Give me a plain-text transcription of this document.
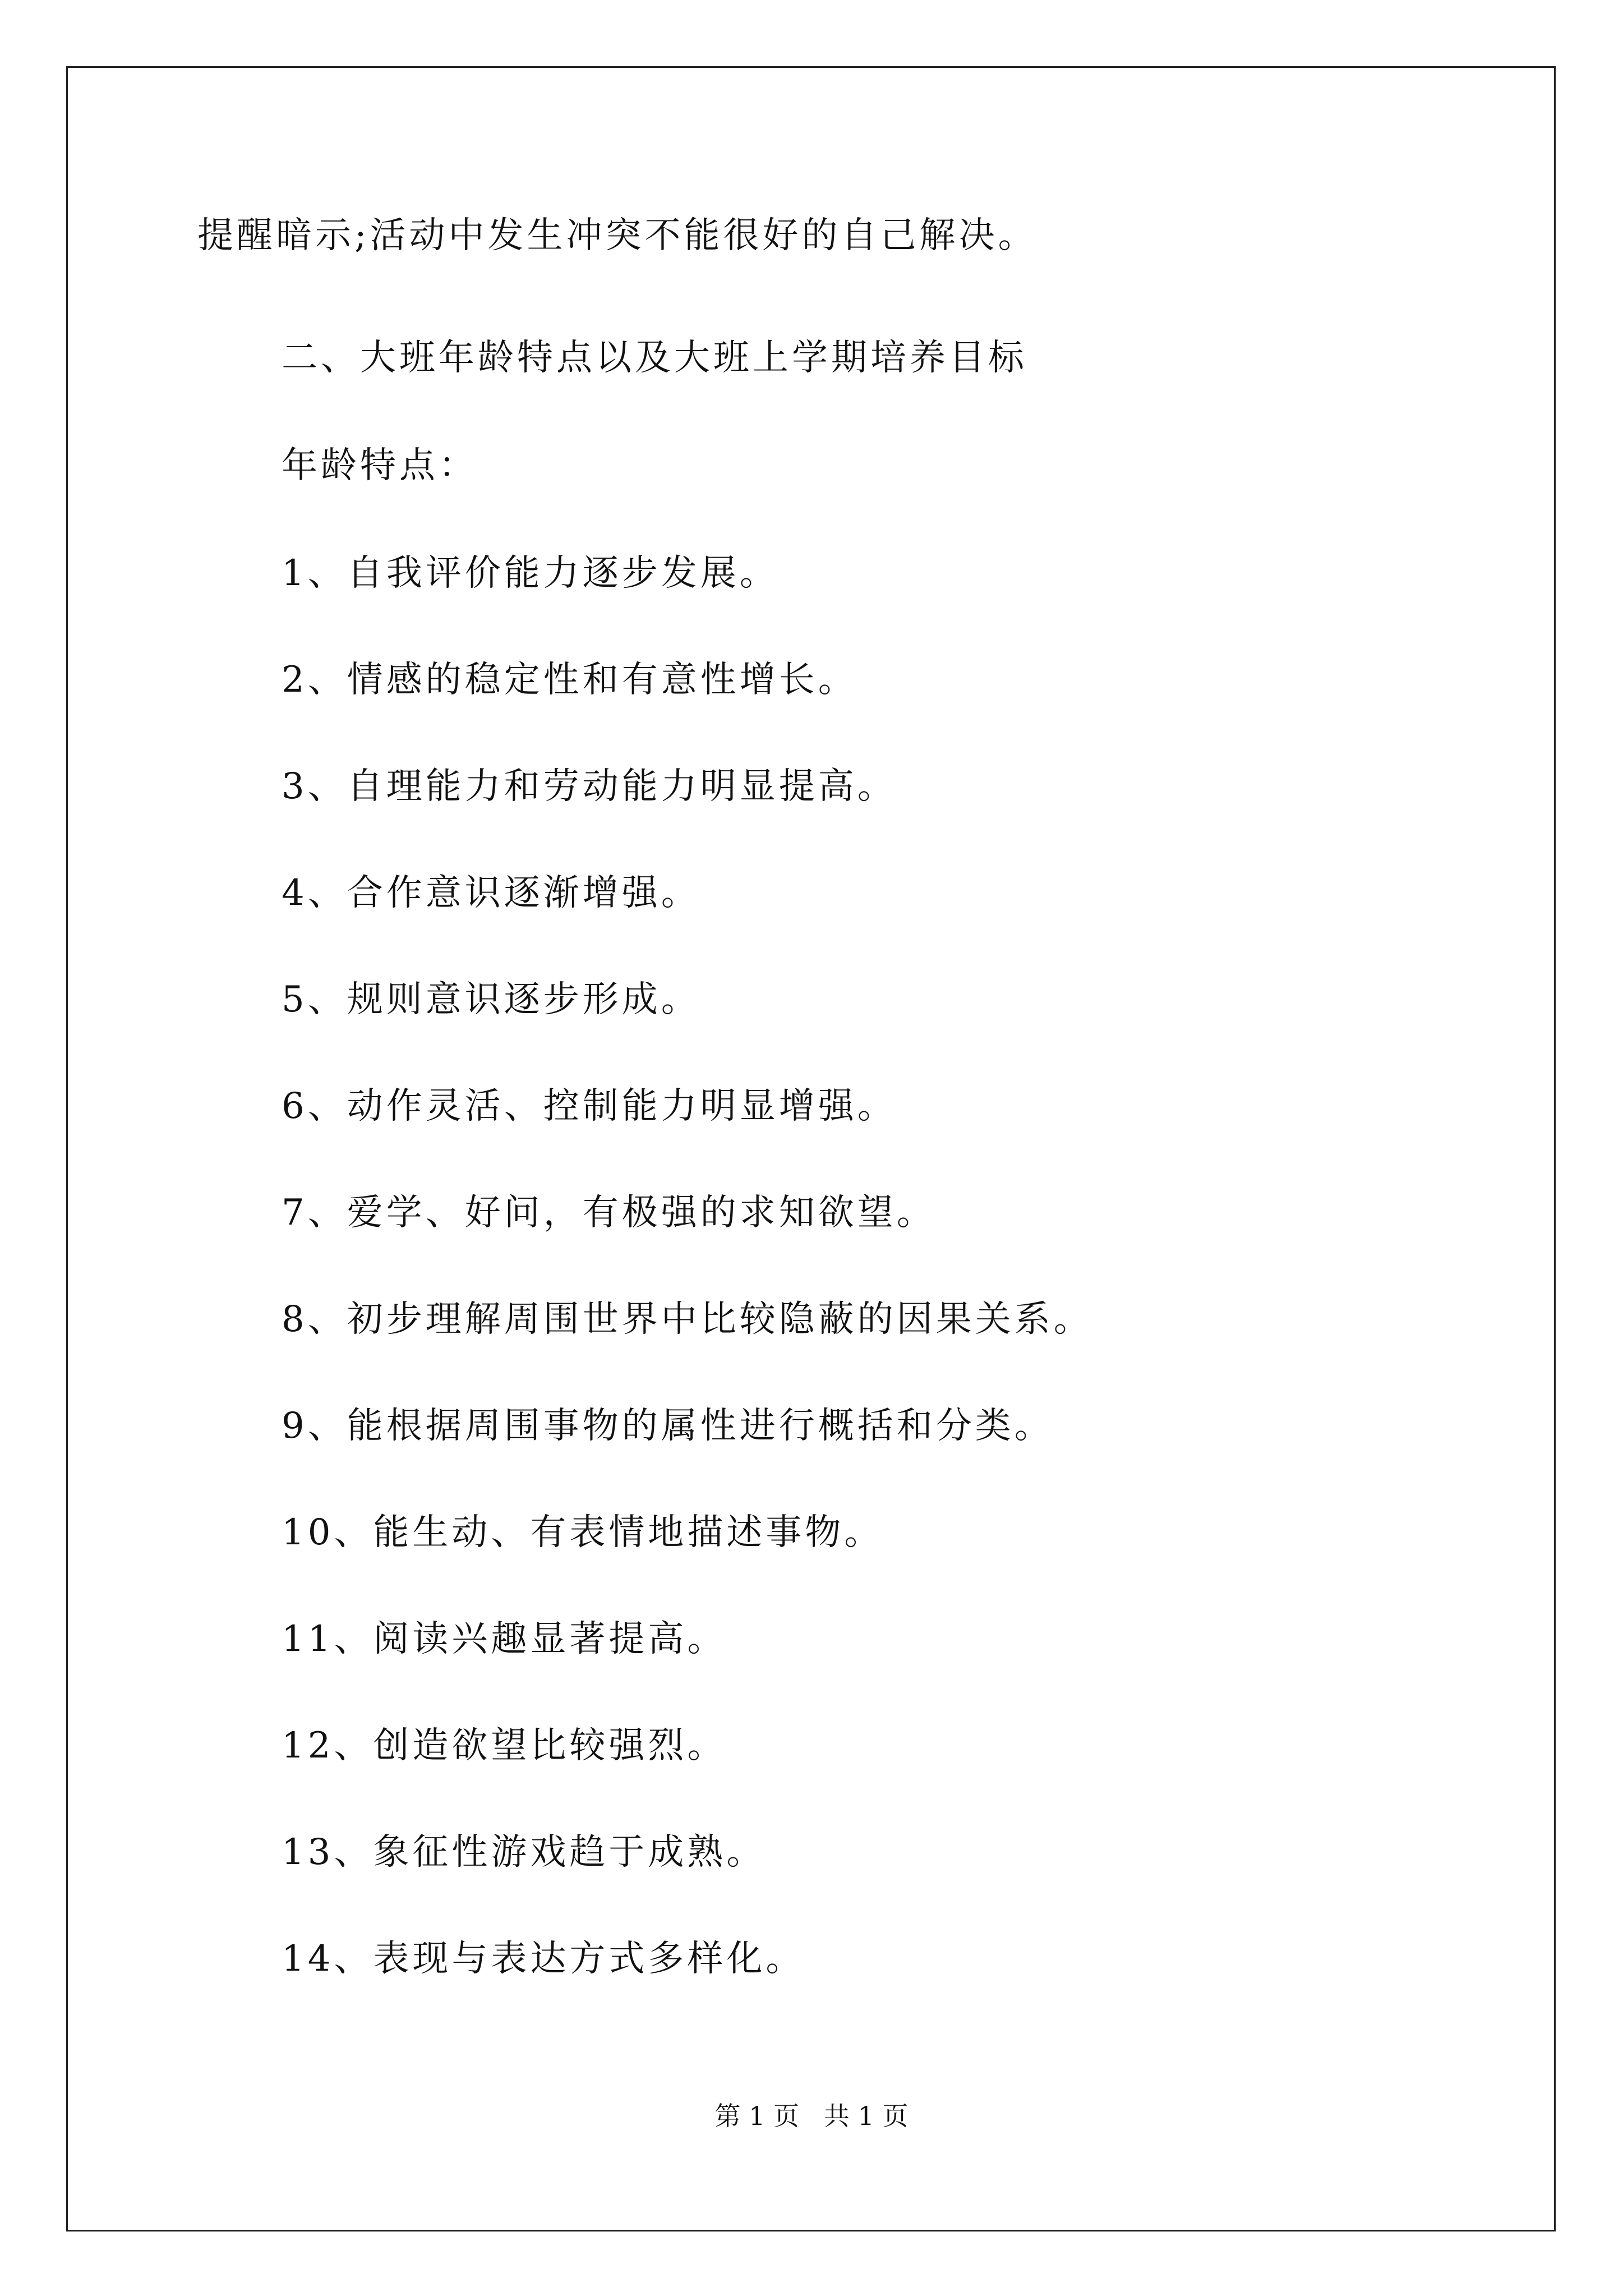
提醒暗示;活动中发生冲突不能很好的自己解决。
二、大班年龄特点以及大班上学期培养目标
年龄特点：
1、自我评价能力逐步发展。
2、情感的稳定性和有意性增长。
3、自理能力和劳动能力明显提高。
4、合作意识逐渐增强。
5、规则意识逐步形成。
6、动作灵活、控制能力明显增强。
7、爱学、好问，有极强的求知欲望。
8、初步理解周围世界中比较隐蔽的因果关系。
9、能根据周围事物的属性进行概括和分类。
10、能生动、有表情地描述事物。
11、阅读兴趣显著提高。
12、创造欲望比较强烈。
13、象征性游戏趋于成熟。
14、表现与表达方式多样化。
第 1 页   共 1 页
